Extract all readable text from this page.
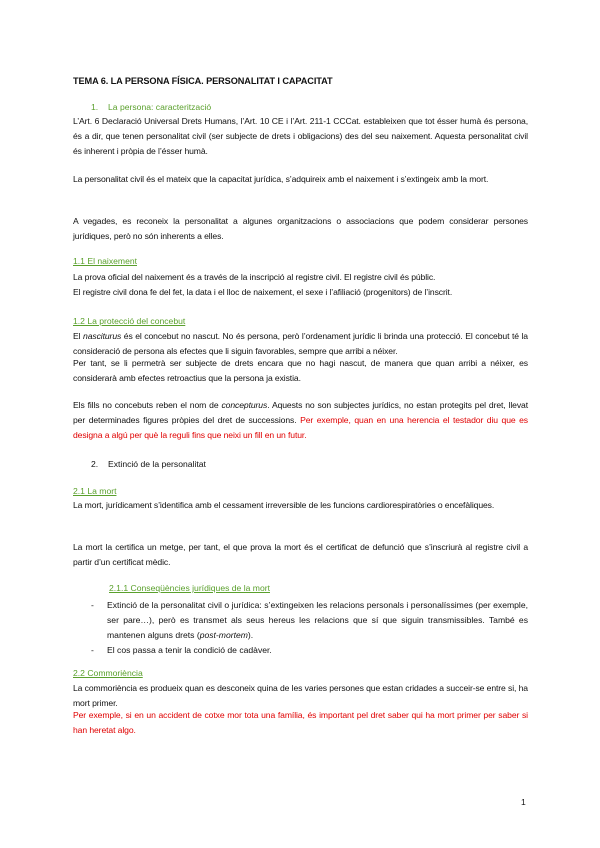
TEMA 6. LA PERSONA FÍSICA. PERSONALITAT I CAPACITAT
1. La persona: caracterització
L’Art. 6 Declaració Universal Drets Humans, l’Art. 10 CE i l’Art. 211-1 CCCat. estableixen que tot ésser humà és persona, és a dir, que tenen personalitat civil (ser subjecte de drets i obligacions) des del seu naixement. Aquesta personalitat civil és inherent i pròpia de l’ésser humà.
La personalitat civil és el mateix que la capacitat jurídica, s’adquireix amb el naixement i s’extingeix amb la mort.
A vegades, es reconeix la personalitat a algunes organitzacions o associacions que podem considerar persones jurídiques, però no són inherents a elles.
1.1 El naixement
La prova oficial del naixement és a través de la inscripció al registre civil. El registre civil és públic.
El registre civil dona fe del fet, la data i el lloc de naixement, el sexe i l’afiliació (progenitors) de l’inscrit.
1.2 La protecció del concebut
El nasciturus és el concebut no nascut. No és persona, però l’ordenament jurídic li brinda una protecció. El concebut té la consideració de persona als efectes que li siguin favorables, sempre que arribi a néixer.
Per tant, se li permetrà ser subjecte de drets encara que no hagi nascut, de manera que quan arribi a néixer, es considerarà amb efectes retroactius que la persona ja existia.
Els fills no concebuts reben el nom de concepturus. Aquests no son subjectes jurídics, no estan protegits pel dret, llevat per determinades figures pròpies del dret de successions. Per exemple, quan en una herencia el testador diu que es designa a algú per què la reguli fins que neixi un fill en un futur.
2. Extinció de la personalitat
2.1 La mort
La mort, jurídicament s’identifica amb el cessament irreversible de les funcions cardiorespiratòries o encefàliques.
La mort la certifica un metge, per tant, el que prova la mort és el certificat de defunció que s’inscriurà al registre civil a partir d’un certificat mèdic.
2.1.1 Conseqüències jurídiques de la mort
- Extinció de la personalitat civil o jurídica: s’extingeixen les relacions personals i personalíssimes (per exemple, ser pare…), però es transmet als seus hereus les relacions que sí que siguin transmissibles. També es mantenen alguns drets (post-mortem).
- El cos passa a tenir la condició de cadàver.
2.2 Commoriència
La commoriència es produeix quan es desconeix quina de les varies persones que estan cridades a succeir-se entre si, ha mort primer.
Per exemple, si en un accident de cotxe mor tota una família, és important pel dret saber qui ha mort primer per saber si han heretat algo.
1
